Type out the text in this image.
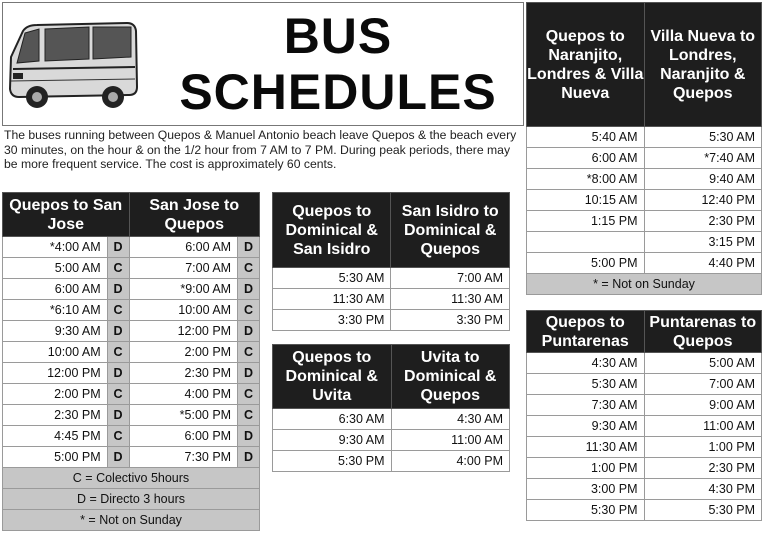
BUS
SCHEDULES

The buses running between Quepos & Manuel Antonio beach leave Quepos & the beach every 30 minutes, on the hour & on the 1/2 hour from 7 AM to 7 PM. During peak periods, there may be more frequent service. The cost is approximately 60 cents.

Quepos to San Jose		San Jose to Quepos	
*4:00 AM	D	6:00 AM	D
5:00 AM	C	7:00 AM	C
6:00 AM	D	*9:00 AM	D
*6:10 AM	C	10:00 AM	C
9:30 AM	D	12:00 PM	D
10:00 AM	C	2:00 PM	C
12:00 PM	D	2:30 PM	D
2:00 PM	C	4:00 PM	C
2:30 PM	D	*5:00 PM	C
4:45 PM	C	6:00 PM	D
5:00 PM	D	7:30 PM	D
C = Colectivo 5hours			
D = Directo 3 hours			
* = Not on Sunday			
Quepos to Dominical & San Isidro	San Isidro to Dominical & Quepos
5:30 AM	7:00 AM
11:30 AM	11:30 AM
3:30 PM	3:30 PM
Quepos to Dominical & Uvita	Uvita to Dominical & Quepos
6:30 AM	4:30 AM
9:30 AM	11:00 AM
5:30 PM	4:00 PM
Quepos to Naranjito, Londres & Villa Nueva	Villa Nueva to Londres, Naranjito & Quepos
5:40 AM	5:30 AM
6:00 AM	*7:40 AM
*8:00 AM	9:40 AM
10:15 AM	12:40 PM
1:15 PM	2:30 PM
	3:15 PM
5:00 PM	4:40 PM
* = Not on Sunday	
Quepos to Puntarenas	Puntarenas to Quepos
4:30 AM	5:00 AM
5:30 AM	7:00 AM
7:30 AM	9:00 AM
9:30 AM	11:00 AM
11:30 AM	1:00 PM
1:00 PM	2:30 PM
3:00 PM	4:30 PM
5:30 PM	5:30 PM
